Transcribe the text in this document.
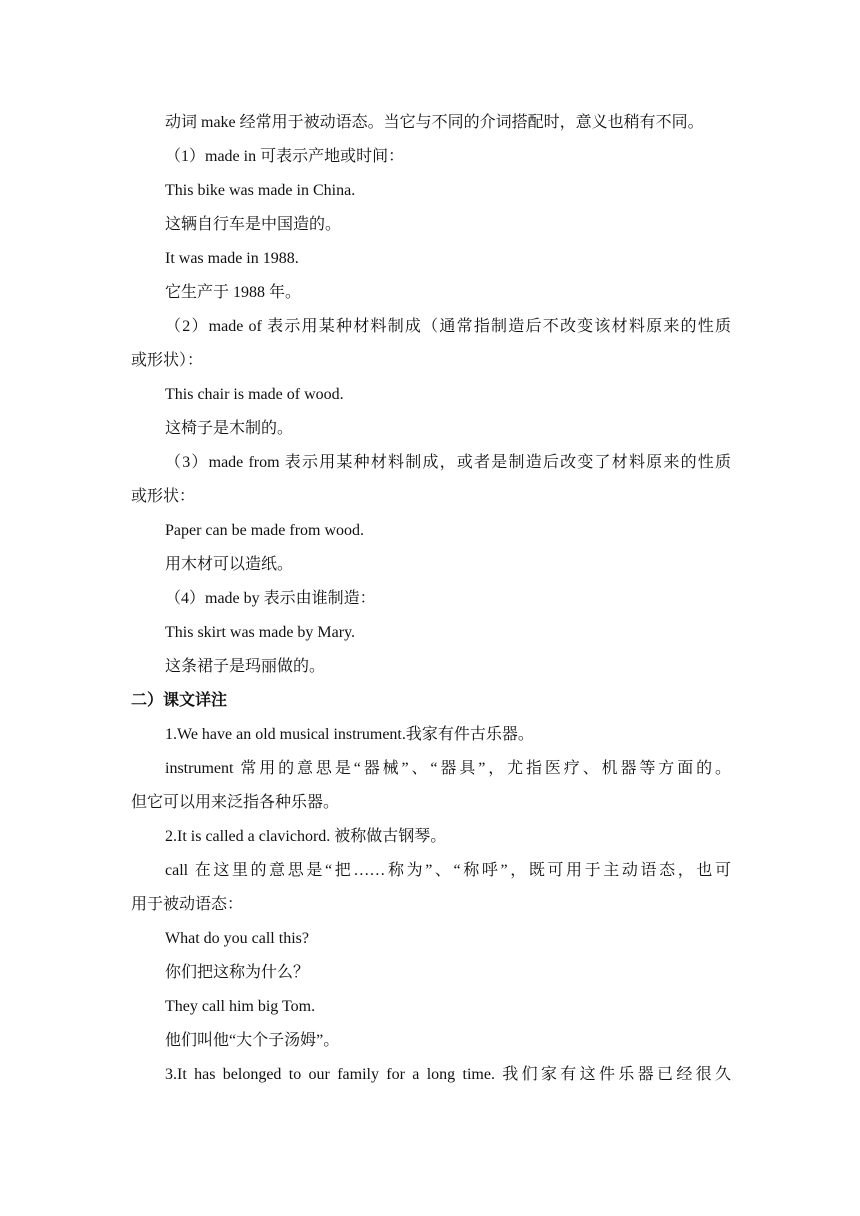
动词 make 经常用于被动语态。当它与不同的介词搭配时，意义也稍有不同。
（1）made in 可表示产地或时间：
This bike was made in China.
这辆自行车是中国造的。
It was made in 1988.
它生产于 1988 年。
（2）made of 表示用某种材料制成（通常指制造后不改变该材料原来的性质
或形状）：
This chair is made of wood.
这椅子是木制的。
（3）made from 表示用某种材料制成，或者是制造后改变了材料原来的性质
或形状：
Paper can be made from wood.
用木材可以造纸。
（4）made by 表示由谁制造：
This skirt was made by Mary.
这条裙子是玛丽做的。
二）课文详注
1.We have an old musical instrument.我家有件古乐器。
instrument 常用的意思是“器械”、“器具”，尤指医疗、机器等方面的。
但它可以用来泛指各种乐器。
2.It is called a clavichord. 被称做古钢琴。
call 在这里的意思是“把……称为”、“称呼”，既可用于主动语态，也可
用于被动语态：
What do you call this?
你们把这称为什么？
They call him big Tom.
他们叫他“大个子汤姆”。
3.It has belonged to our family for a long time. 我们家有这件乐器已经很久
